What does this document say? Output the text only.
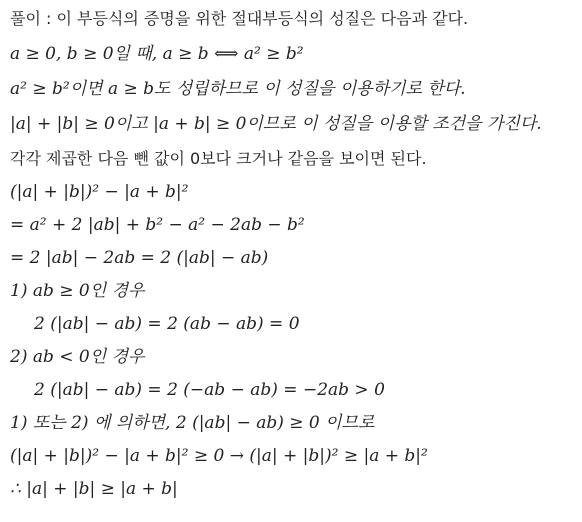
풀이 : 이 부등식의 증명을 위한 절대부등식의 성질은 다음과 같다.
a ≥ 0, b ≥ 0일 때, a ≥ b ⟺ a² ≥ b²
a² ≥ b²이면 a ≥ b도 성립하므로 이 성질을 이용하기로 한다.
|a| + |b| ≥ 0이고 |a + b| ≥ 0이므로 이 성질을 이용할 조건을 가진다.
각각 제곱한 다음 뺀 값이 0보다 크거나 같음을 보이면 된다.
(|a| + |b|)² − |a + b|²
= a² + 2 |ab| + b² − a² − 2ab − b²
= 2 |ab| − 2ab = 2 (|ab| − ab)
1) ab ≥ 0인 경우
2 (|ab| − ab) = 2 (ab − ab) = 0
2) ab < 0인 경우
2 (|ab| − ab) = 2 (−ab − ab) = −2ab > 0
1) 또는 2) 에 의하면, 2 (|ab| − ab) ≥ 0 이므로
(|a| + |b|)² − |a + b|² ≥ 0 → (|a| + |b|)² ≥ |a + b|²
∴ |a| + |b| ≥ |a + b|
